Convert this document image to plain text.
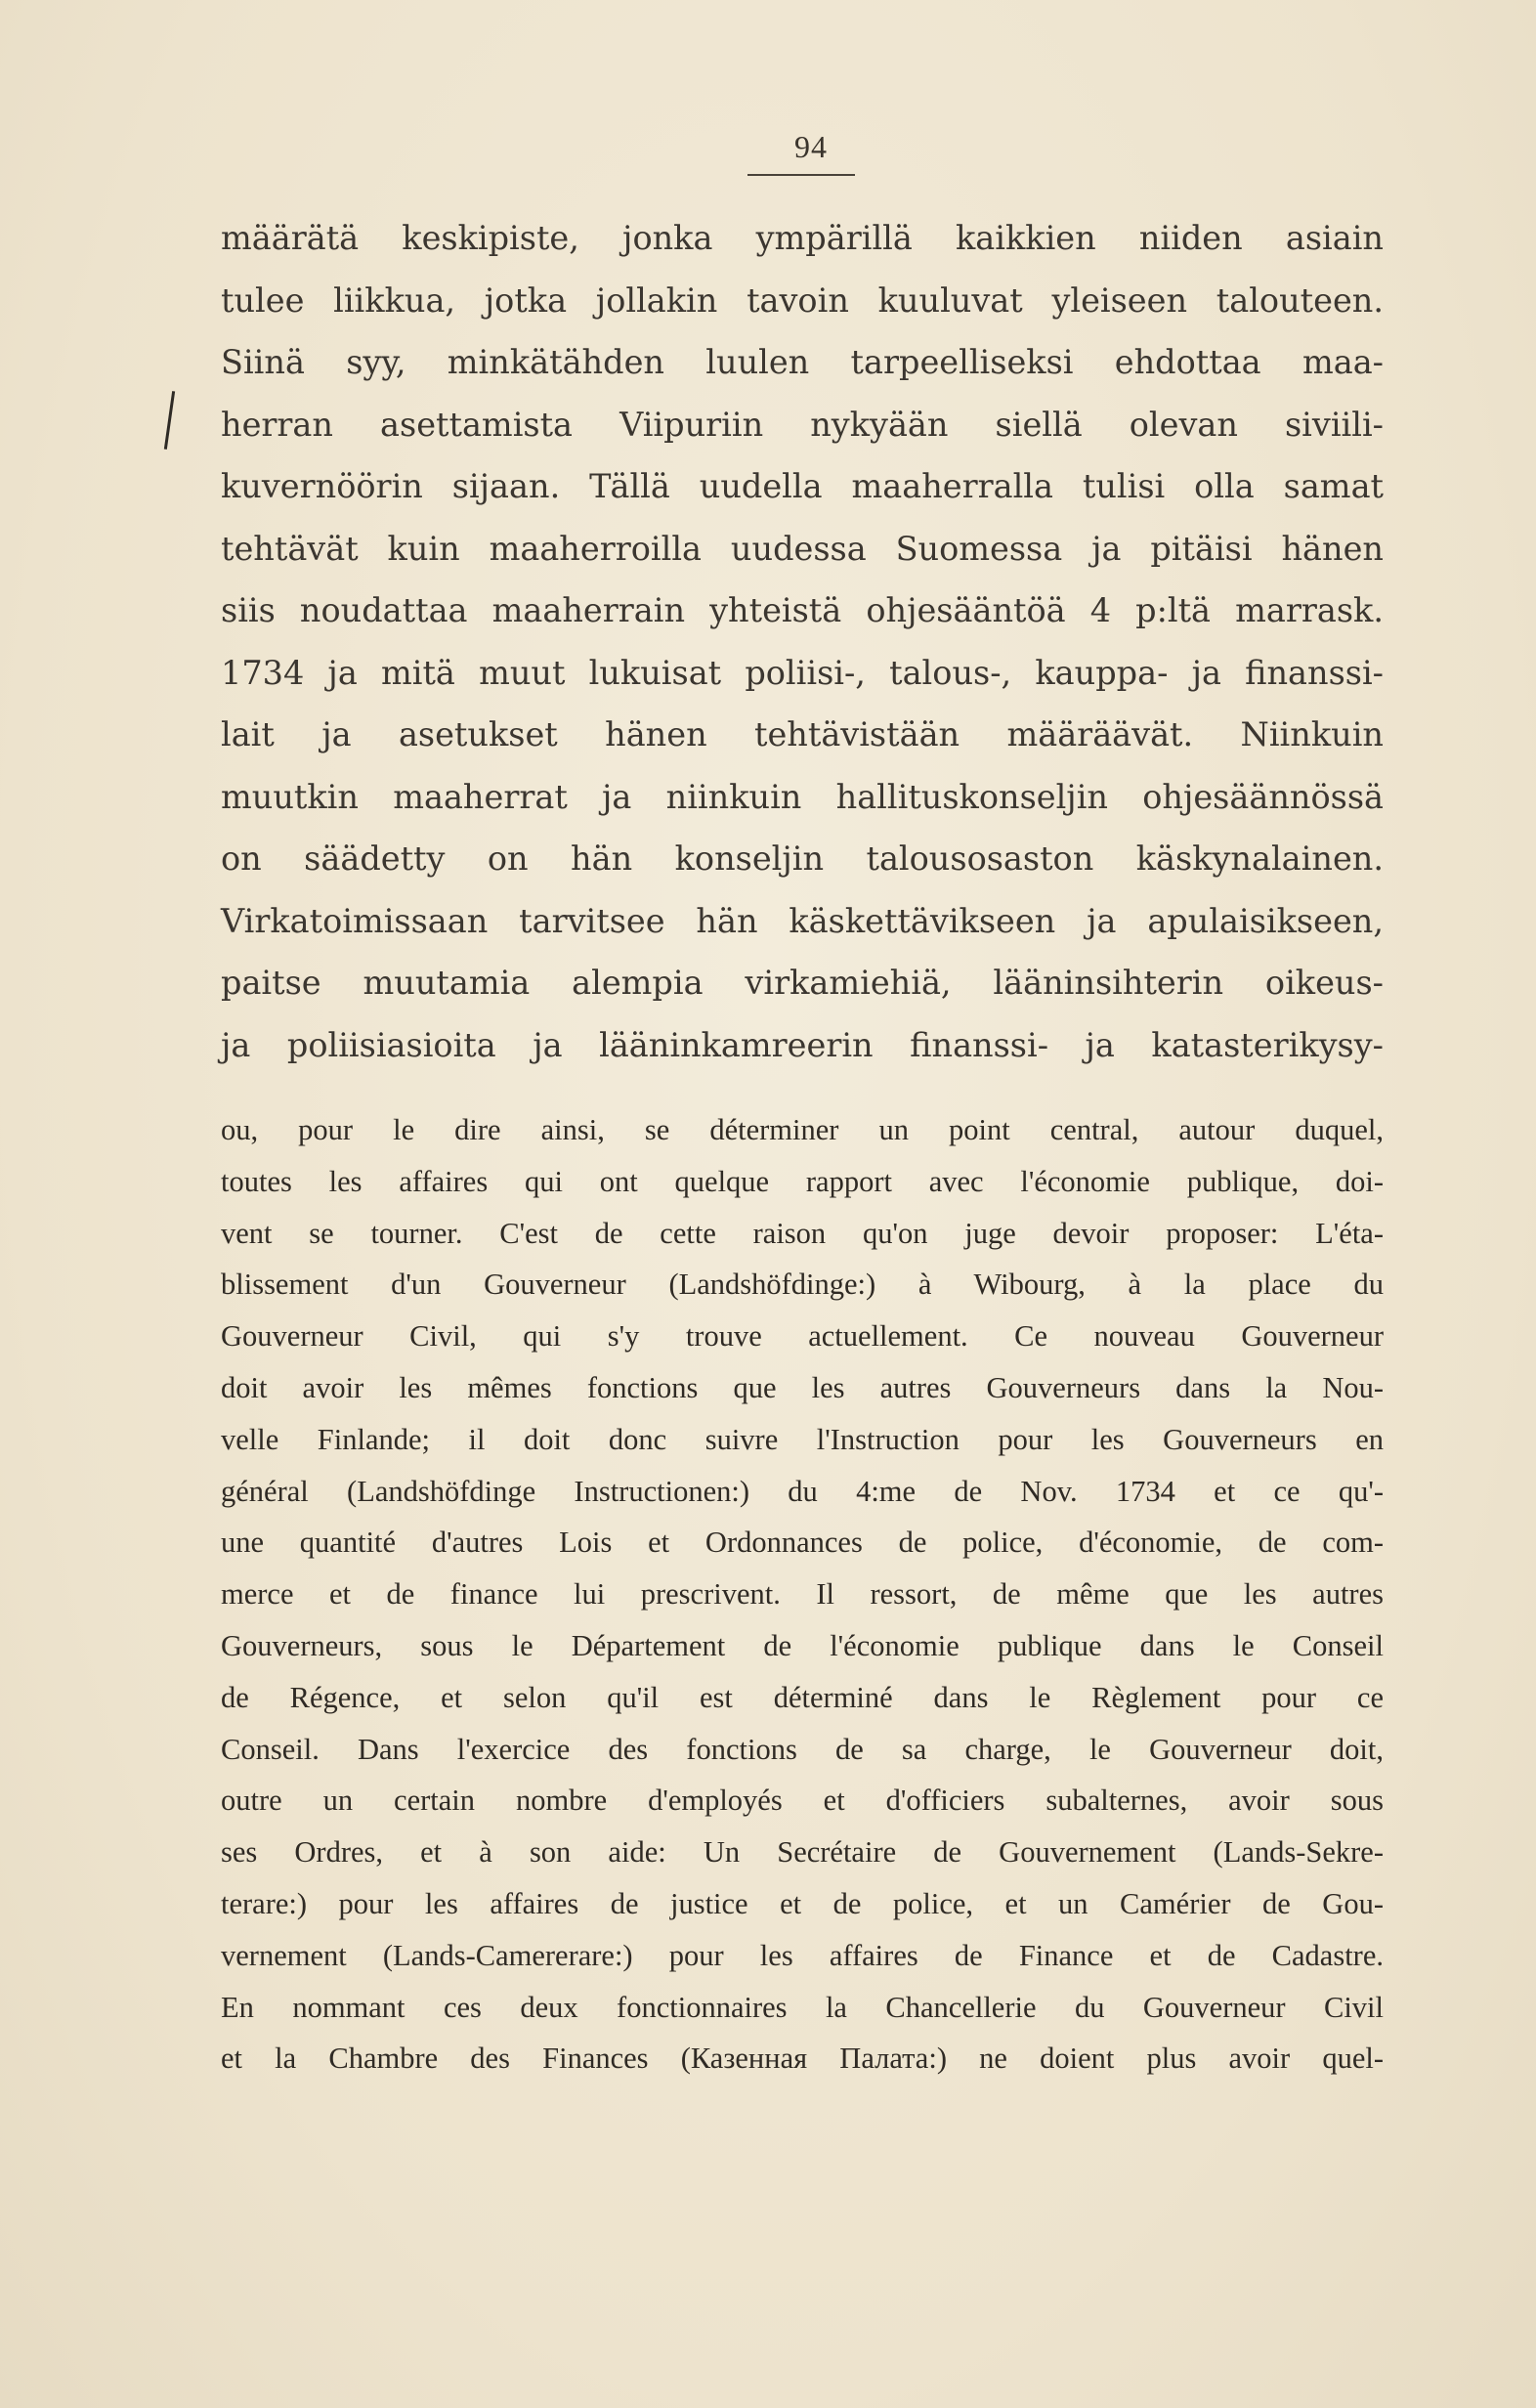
94
määrätä keskipiste, jonka ympärillä kaikkien niiden asiain
tulee liikkua, jotka jollakin tavoin kuuluvat yleiseen talouteen.
Siinä syy, minkätähden luulen tarpeelliseksi ehdottaa maa-
herran asettamista Viipuriin nykyään siellä olevan siviili-
kuvernöörin sijaan. Tällä uudella maaherralla tulisi olla samat
tehtävät kuin maaherroilla uudessa Suomessa ja pitäisi hänen
siis noudattaa maaherrain yhteistä ohjesääntöä 4 p:ltä marrask.
1734 ja mitä muut lukuisat poliisi-, talous-, kauppa- ja finanssi-
lait ja asetukset hänen tehtävistään määräävät. Niinkuin
muutkin maaherrat ja niinkuin hallituskonseljin ohjesäännössä
on säädetty on hän konseljin talousosaston käskynalainen.
Virkatoimissaan tarvitsee hän käskettävikseen ja apulaisikseen,
paitse muutamia alempia virkamiehiä, lääninsihterin oikeus-
ja poliisiasioita ja lääninkamreerin finanssi- ja katasterikysy-
ou, pour le dire ainsi, se déterminer un point central, autour duquel,
toutes les affaires qui ont quelque rapport avec l'économie publique, doi-
vent se tourner. C'est de cette raison qu'on juge devoir proposer: L'éta-
blissement d'un Gouverneur (Landshöfdinge:) à Wibourg, à la place du
Gouverneur Civil, qui s'y trouve actuellement. Ce nouveau Gouverneur
doit avoir les mêmes fonctions que les autres Gouverneurs dans la Nou-
velle Finlande; il doit donc suivre l'Instruction pour les Gouverneurs en
général (Landshöfdinge Instructionen:) du 4:me de Nov. 1734 et ce qu'-
une quantité d'autres Lois et Ordonnances de police, d'économie, de com-
merce et de finance lui prescrivent. Il ressort, de même que les autres
Gouverneurs, sous le Département de l'économie publique dans le Conseil
de Régence, et selon qu'il est déterminé dans le Règlement pour ce
Conseil. Dans l'exercice des fonctions de sa charge, le Gouverneur doit,
outre un certain nombre d'employés et d'officiers subalternes, avoir sous
ses Ordres, et à son aide: Un Secrétaire de Gouvernement (Lands-Sekre-
terare:) pour les affaires de justice et de police, et un Camérier de Gou-
vernement (Lands-Camererare:) pour les affaires de Finance et de Cadastre.
En nommant ces deux fonctionnaires la Chancellerie du Gouverneur Civil
et la Chambre des Finances (Казенная Палата:) ne doient plus avoir quel-
